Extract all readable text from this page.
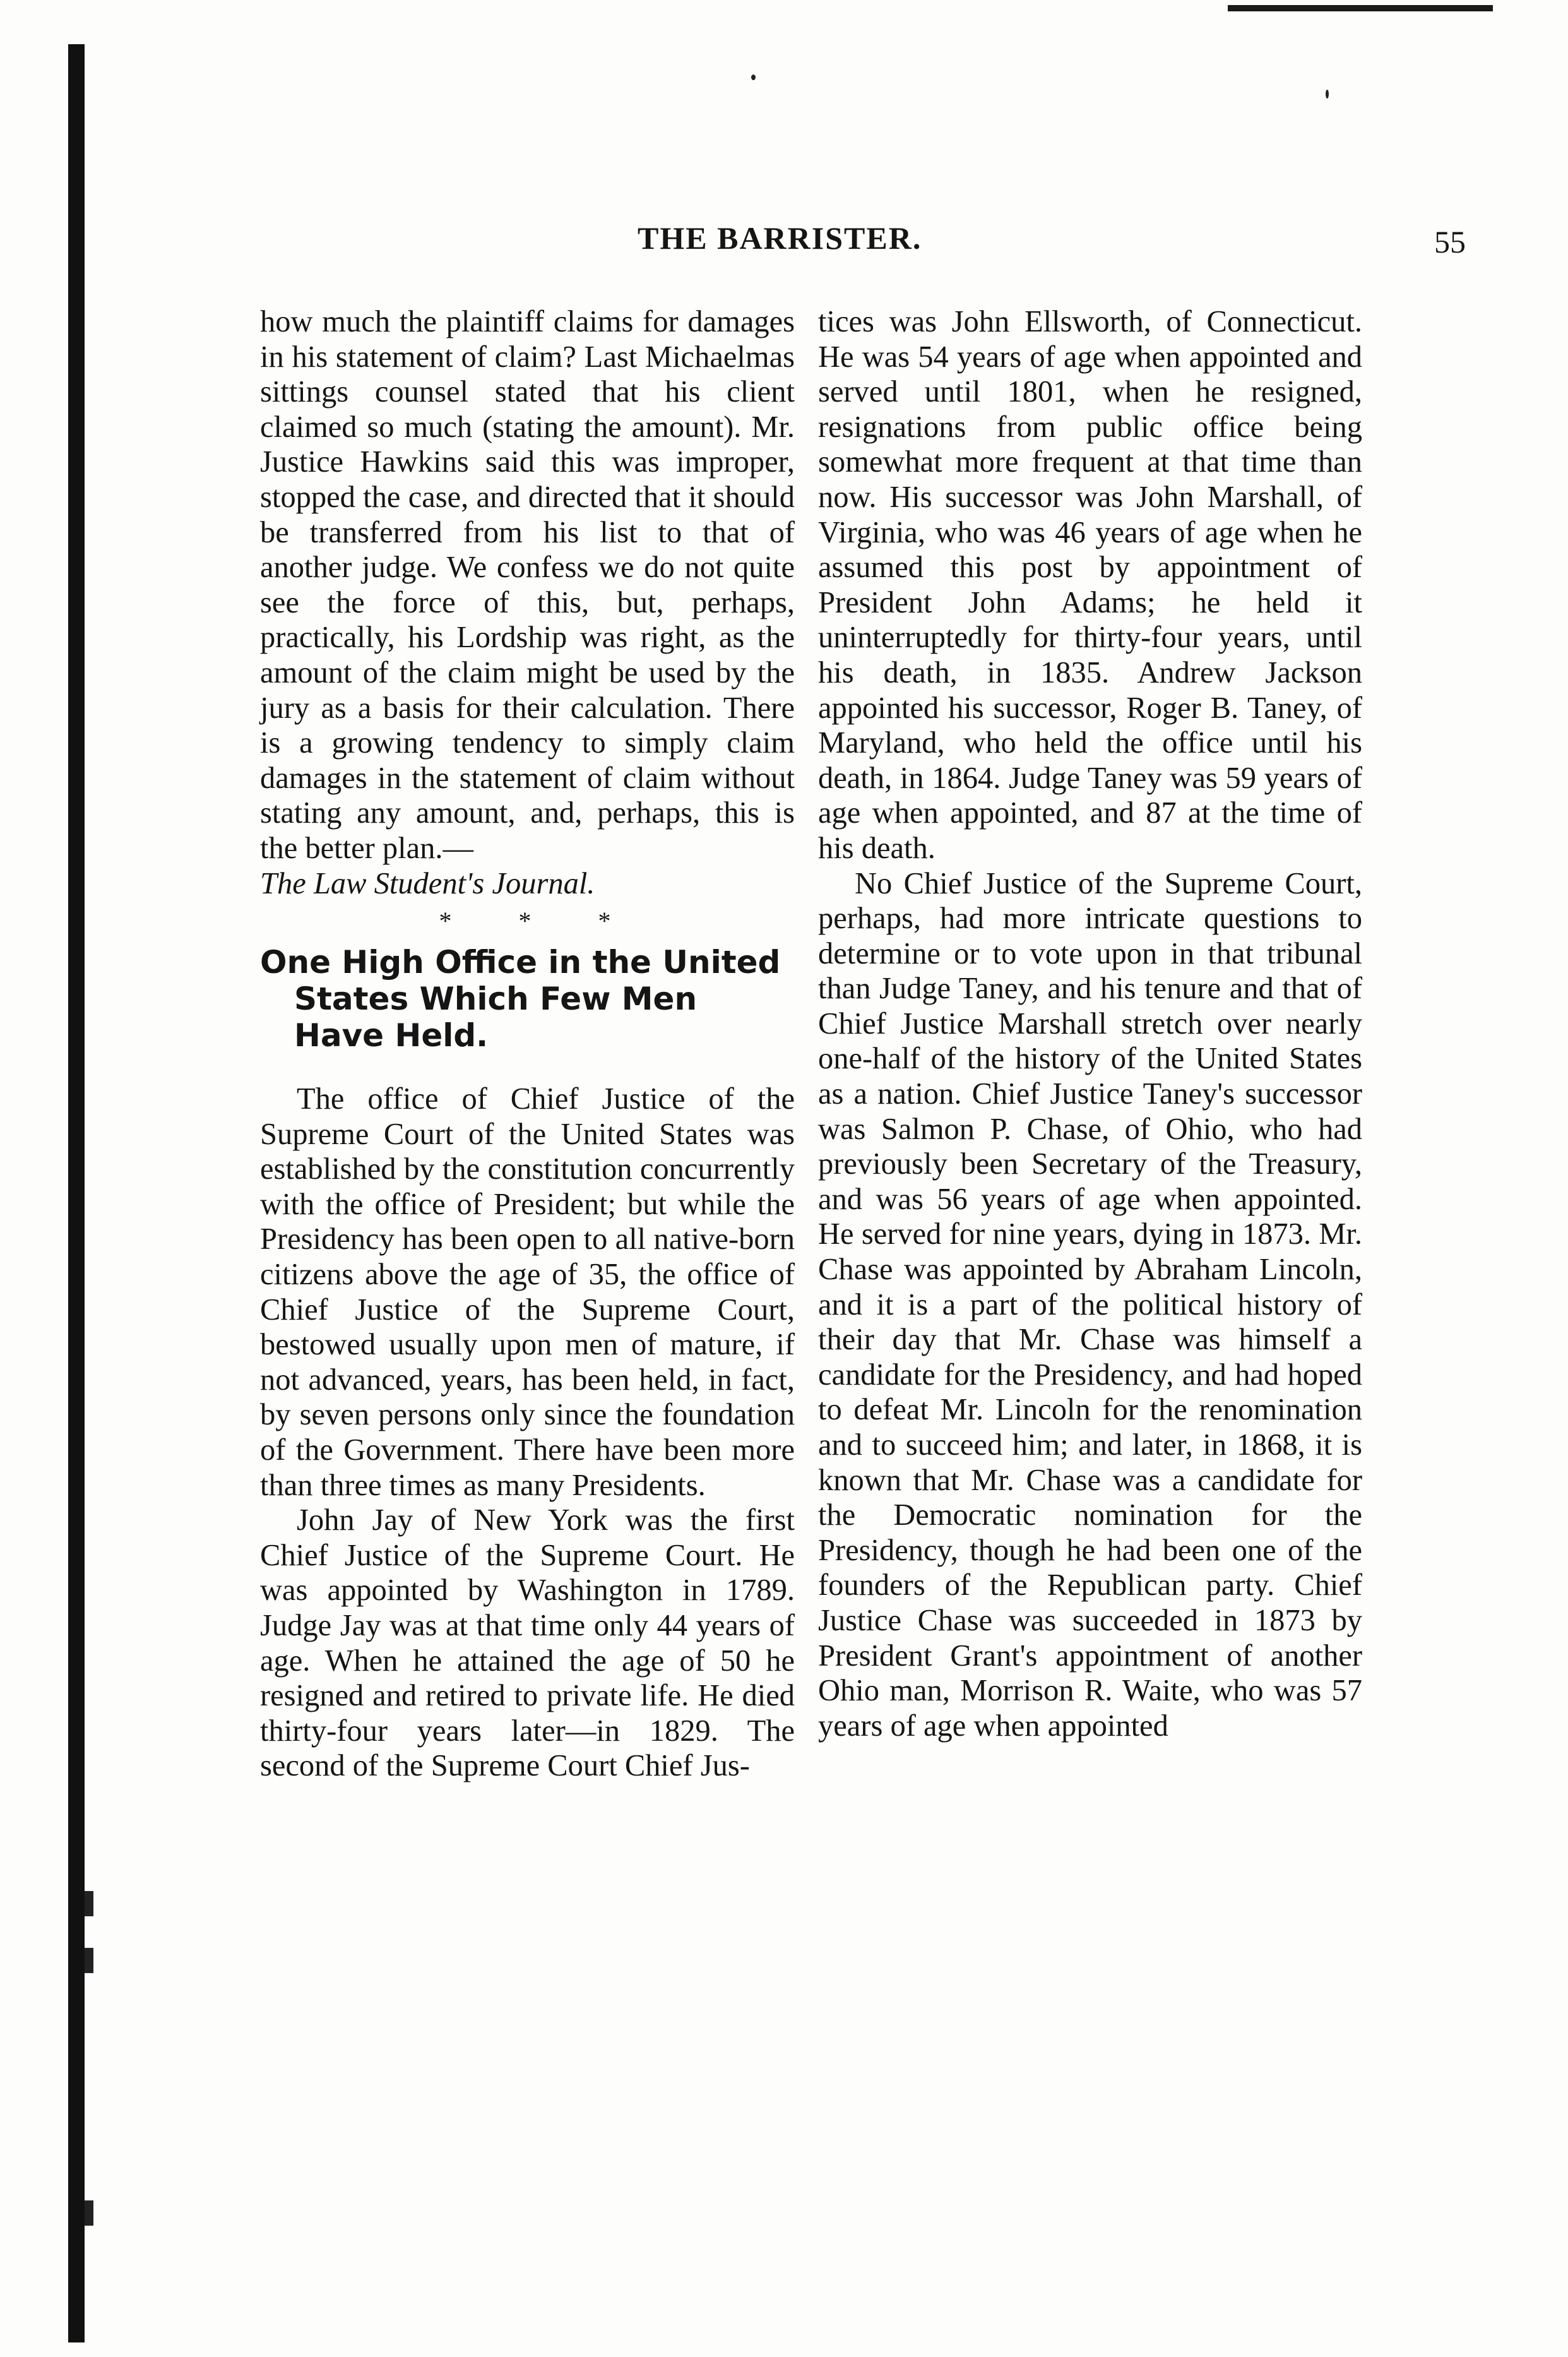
THE BARRISTER.	55

how much the plaintiff claims for damages in his statement of claim? Last Michaelmas sittings counsel stated that his client claimed so much (stating the amount). Mr. Justice Hawkins said this was improper, stopped the case, and directed that it should be transferred from his list to that of another judge. We confess we do not quite see the force of this, but, perhaps, practically, his Lordship was right, as the amount of the claim might be used by the jury as a basis for their calculation. There is a growing tendency to simply claim damages in the statement of claim without stating any amount, and, perhaps, this is the better plan.—

The Law Student's Journal.

* * *
One High Office in the United States Which Few Men Have Held.

The office of Chief Justice of the Supreme Court of the United States was established by the constitution concurrently with the office of President; but while the Presidency has been open to all native-born citizens above the age of 35, the office of Chief Justice of the Supreme Court, bestowed usually upon men of mature, if not advanced, years, has been held, in fact, by seven persons only since the foundation of the Government. There have been more than three times as many Presidents.

John Jay of New York was the first Chief Justice of the Supreme Court. He was appointed by Washington in 1789. Judge Jay was at that time only 44 years of age. When he attained the age of 50 he resigned and retired to private life. He died thirty-four years later—in 1829. The second of the Supreme Court Chief Jus-

tices was John Ellsworth, of Connecticut. He was 54 years of age when appointed and served until 1801, when he resigned, resignations from public office being somewhat more frequent at that time than now. His successor was John Marshall, of Virginia, who was 46 years of age when he assumed this post by appointment of President John Adams; he held it uninterruptedly for thirty-four years, until his death, in 1835. Andrew Jackson appointed his successor, Roger B. Taney, of Maryland, who held the office until his death, in 1864. Judge Taney was 59 years of age when appointed, and 87 at the time of his death.

No Chief Justice of the Supreme Court, perhaps, had more intricate questions to determine or to vote upon in that tribunal than Judge Taney, and his tenure and that of Chief Justice Marshall stretch over nearly one-half of the history of the United States as a nation. Chief Justice Taney's successor was Salmon P. Chase, of Ohio, who had previously been Secretary of the Treasury, and was 56 years of age when appointed. He served for nine years, dying in 1873. Mr. Chase was appointed by Abraham Lincoln, and it is a part of the political history of their day that Mr. Chase was himself a candidate for the Presidency, and had hoped to defeat Mr. Lincoln for the renomination and to succeed him; and later, in 1868, it is known that Mr. Chase was a candidate for the Democratic nomination for the Presidency, though he had been one of the founders of the Republican party. Chief Justice Chase was succeeded in 1873 by President Grant's appointment of another Ohio man, Morrison R. Waite, who was 57 years of age when appointed
